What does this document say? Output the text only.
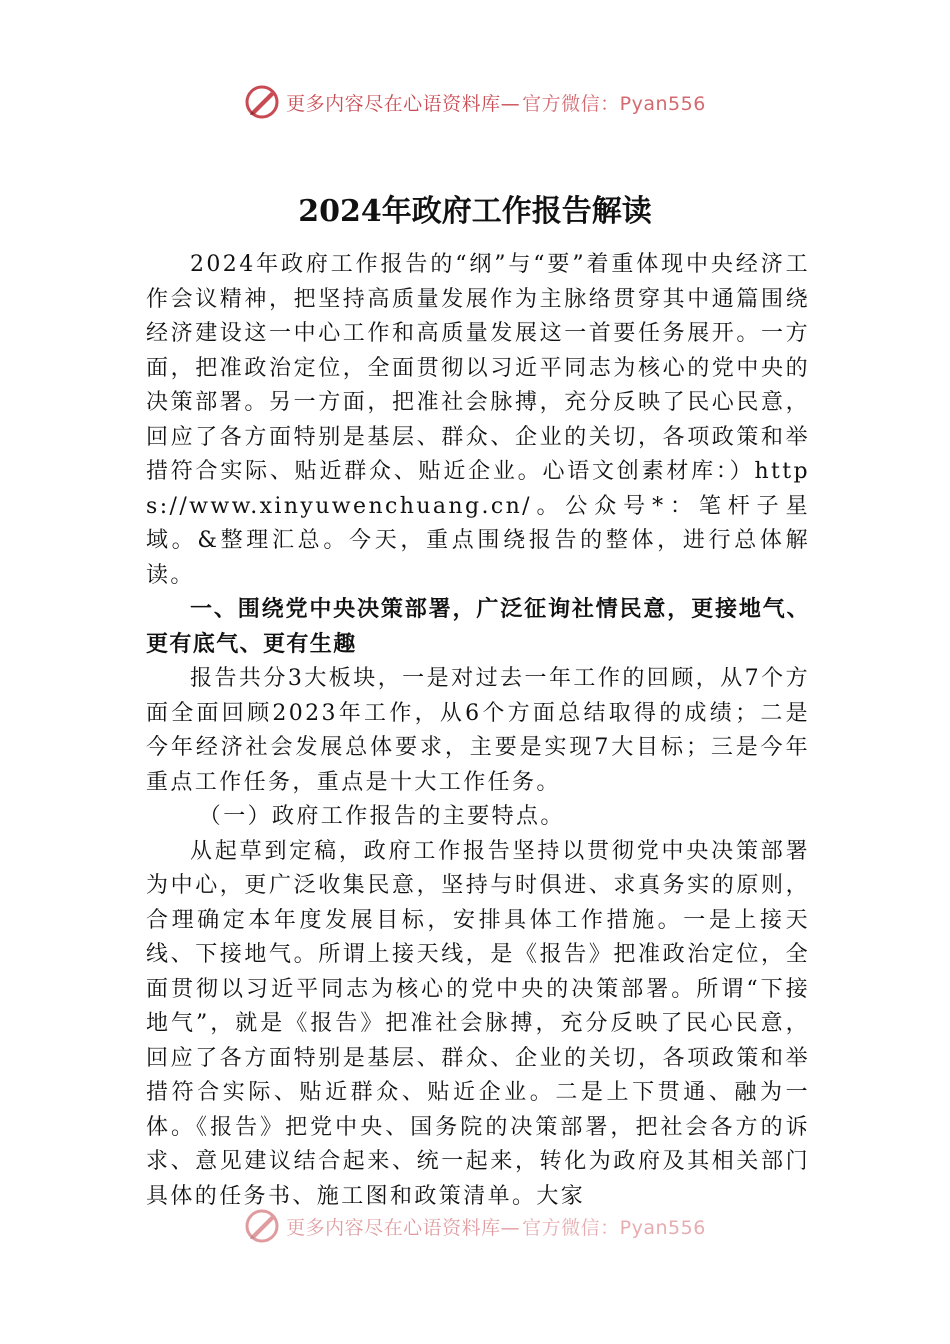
更多内容尽在心语资料库— 官方微信：Pyan556
2024年政府工作报告解读

2024年政府工作报告的“纲”与“要”着重体现中央经济工作会议精神，把坚持高质量发展作为主脉络贯穿其中通篇围绕经济建设这一中心工作和高质量发展这一首要任务展开。一方面，把准政治定位，全面贯彻以习近平同志为核心的党中央的决策部署。另一方面，把准社会脉搏，充分反映了民心民意，回应了各方面特别是基层、群众、企业的关切，各项政策和举措符合实际、贴近群众、贴近企业。心语文创素材库：）https://www.xinyuwenchuang.cn/。公众号*：笔杆子星域。&整理汇总。今天，重点围绕报告的整体，进行总体解读。

一、围绕党中央决策部署，广泛征询社情民意，更接地气、更有底气、更有生趣

报告共分3大板块，一是对过去一年工作的回顾，从7个方面全面回顾2023年工作，从6个方面总结取得的成绩；二是今年经济社会发展总体要求，主要是实现7大目标；三是今年重点工作任务，重点是十大工作任务。

（一）政府工作报告的主要特点。

从起草到定稿，政府工作报告坚持以贯彻党中央决策部署为中心，更广泛收集民意，坚持与时俱进、求真务实的原则，合理确定本年度发展目标，安排具体工作措施。一是上接天线、下接地气。所谓上接天线，是《报告》把准政治定位，全面贯彻以习近平同志为核心的党中央的决策部署。所谓“下接地气”，就是《报告》把准社会脉搏，充分反映了民心民意，回应了各方面特别是基层、群众、企业的关切，各项政策和举措符合实际、贴近群众、贴近企业。二是上下贯通、融为一体。《报告》把党中央、国务院的决策部署，把社会各方的诉求、意见建议结合起来、统一起来，转化为政府及其相关部门具体的任务书、施工图和政策清单。大家

更多内容尽在心语资料库— 官方微信：Pyan556
